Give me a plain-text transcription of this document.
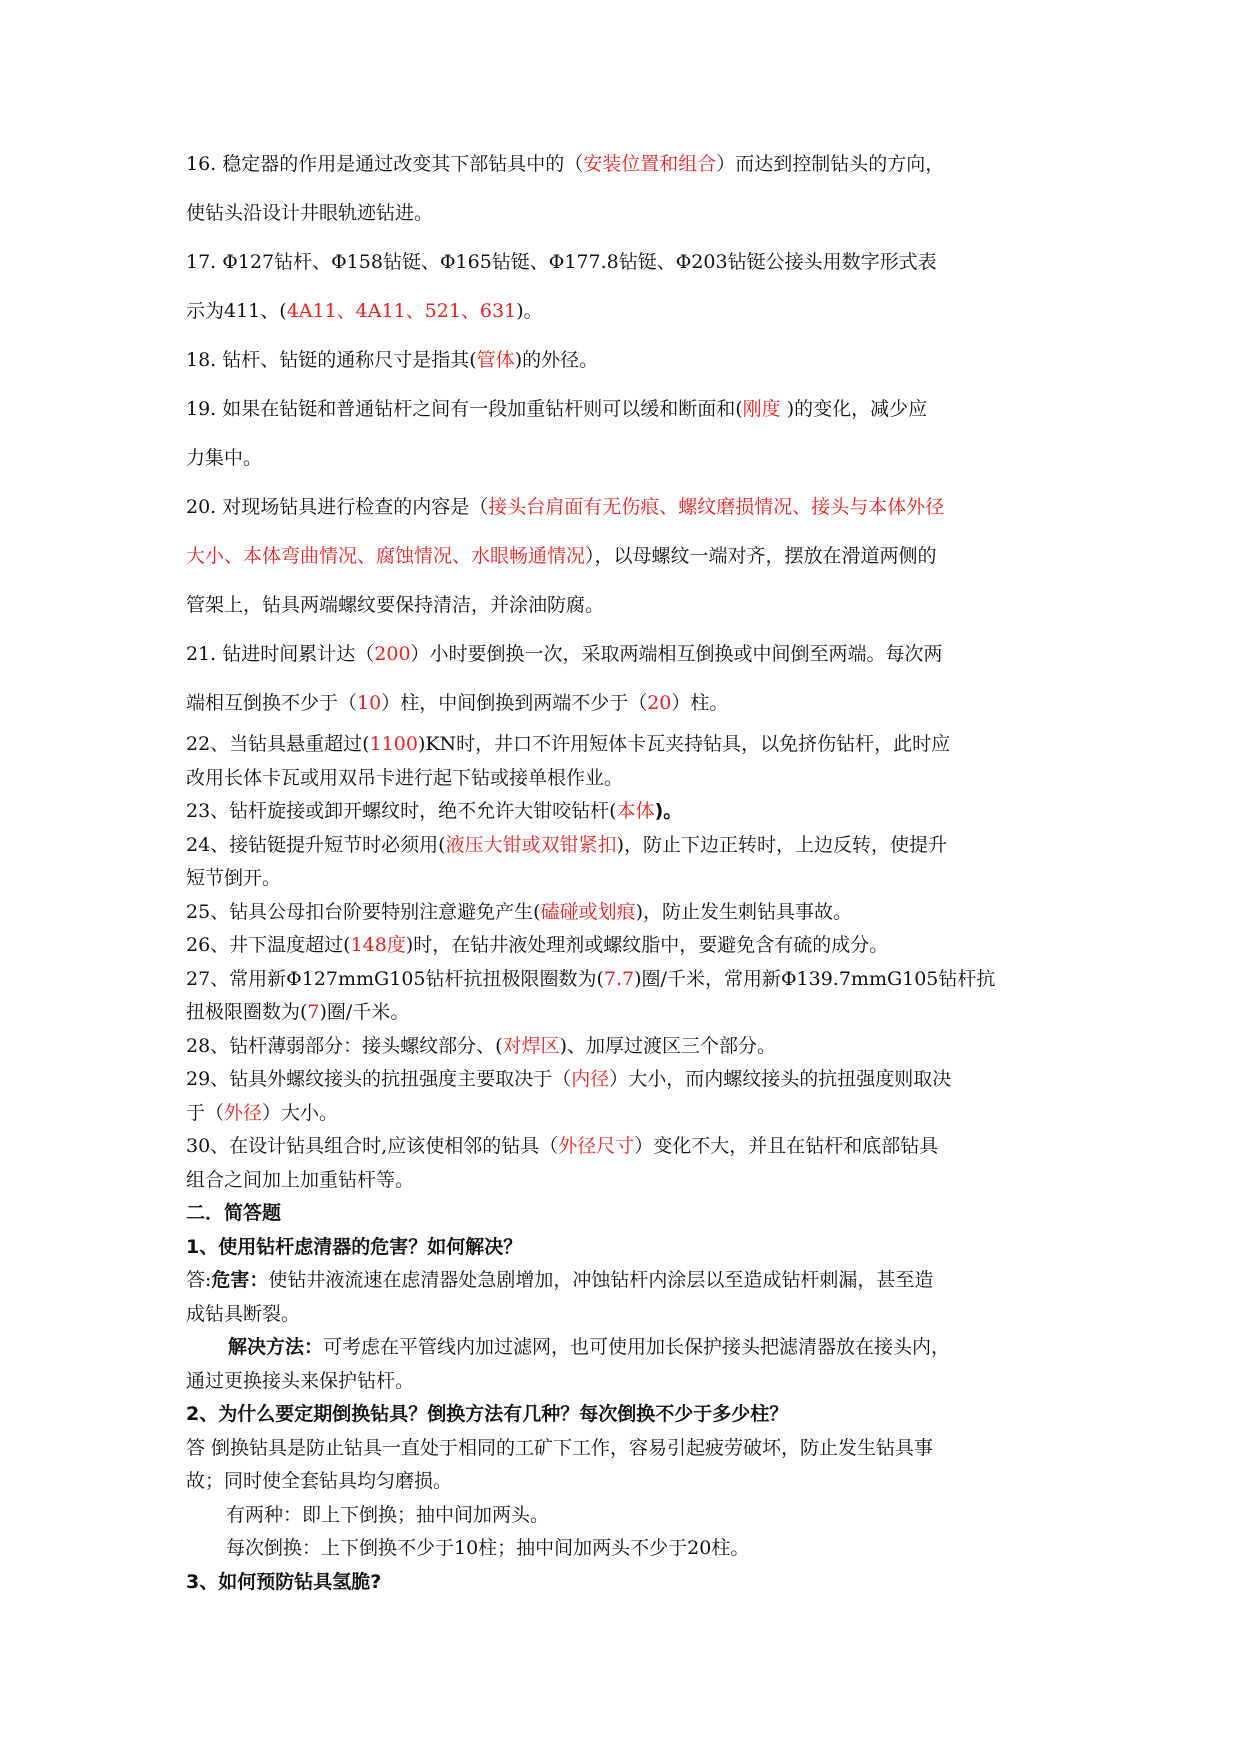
16. 稳定器的作用是通过改变其下部钻具中的（安装位置和组合）而达到控制钻头的方向，
使钻头沿设计井眼轨迹钻进。

17. Φ127钻杆、Φ158钻铤、Φ165钻铤、Φ177.8钻铤、Φ203钻铤公接头用数字形式表
示为411、(4A11、4A11、521、631)。

18. 钻杆、钻铤的通称尺寸是指其(管体)的外径。

19. 如果在钻铤和普通钻杆之间有一段加重钻杆则可以缓和断面和(刚度 )的变化，减少应
力集中。

20. 对现场钻具进行检查的内容是（接头台肩面有无伤痕、螺纹磨损情况、接头与本体外径
大小、本体弯曲情况、腐蚀情况、水眼畅通情况），以母螺纹一端对齐，摆放在滑道两侧的
管架上，钻具两端螺纹要保持清洁，并涂油防腐。

21. 钻进时间累计达（200）小时要倒换一次，采取两端相互倒换或中间倒至两端。每次两
端相互倒换不少于（10）柱，中间倒换到两端不少于（20）柱。

22、当钻具悬重超过(1100)KN时，井口不许用短体卡瓦夹持钻具，以免挤伤钻杆，此时应
改用长体卡瓦或用双吊卡进行起下钻或接单根作业。

23、钻杆旋接或卸开螺纹时，绝不允许大钳咬钻杆(本体)。

24、接钻铤提升短节时必须用(液压大钳或双钳紧扣)，防止下边正转时，上边反转，使提升
短节倒开。

25、钻具公母扣台阶要特别注意避免产生(磕碰或划痕)，防止发生刺钻具事故。

26、井下温度超过(148度)时，在钻井液处理剂或螺纹脂中，要避免含有硫的成分。

27、常用新Φ127mmG105钻杆抗扭极限圈数为(7.7)圈/千米，常用新Φ139.7mmG105钻杆抗
扭极限圈数为(7)圈/千米。

28、钻杆薄弱部分：接头螺纹部分、(对焊区)、加厚过渡区三个部分。

29、钻具外螺纹接头的抗扭强度主要取决于（内径）大小，而内螺纹接头的抗扭强度则取决
于（外径）大小。

30、在设计钻具组合时,应该使相邻的钻具（外径尺寸）变化不大，并且在钻杆和底部钻具
组合之间加上加重钻杆等。

二．简答题

1、使用钻杆虑清器的危害？如何解决？

答:危害：使钻井液流速在虑清器处急剧增加，冲蚀钻杆内涂层以至造成钻杆刺漏，甚至造
成钻具断裂。

解决方法：可考虑在平管线内加过滤网，也可使用加长保护接头把滤清器放在接头内，
通过更换接头来保护钻杆。

2、为什么要定期倒换钻具？倒换方法有几种？每次倒换不少于多少柱？

答 倒换钻具是防止钻具一直处于相同的工矿下工作，容易引起疲劳破坏，防止发生钻具事
故；同时使全套钻具均匀磨损。

有两种：即上下倒换；抽中间加两头。

每次倒换：上下倒换不少于10柱；抽中间加两头不少于20柱。

3、如何预防钻具氢脆?
